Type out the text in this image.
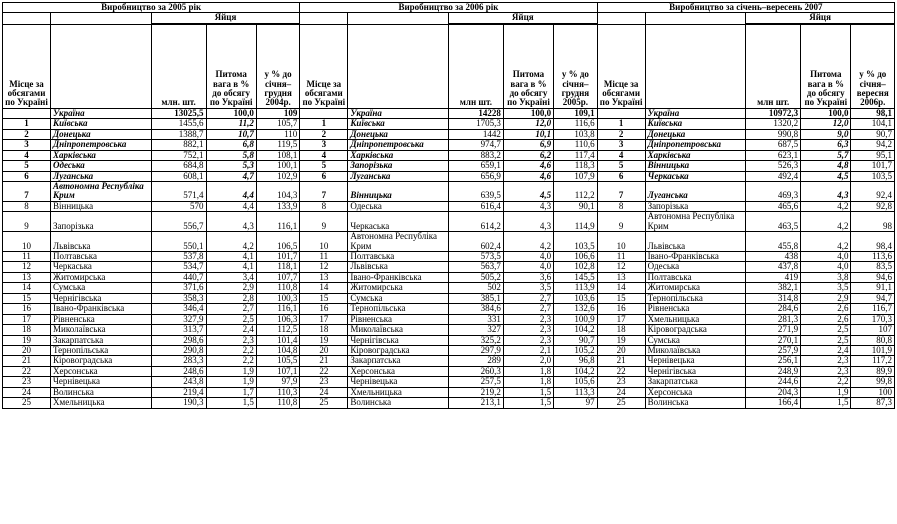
Виробництво за 2005 рік					Виробництво за 2006 рік					Виробництво за січень–вересень 2007				
		Яйця					Яйця					Яйця		

Місце за обсягами по Україні		млн. шт.	Питома вага в % до обсягу по Україні	у % до січня–грудня 2004р.	Місце за обсягами по Україні		млн шт.	Питома вага в % до обсягу по Україні	у % до січня–грудня 2005р.	Місце за обсягами по Україні		млн шт.	Питома вага в % до обсягу по Україні	у % до січня–вересня 2006р.
	Україна	13025,5	100,0	109		Україна	14228	100,0	109,1		Україна	10972,3	100,0	98,1
1	Київська	1455,6	11,2	105,7	1	Київська	1705,3	12,0	116,6	1	Київська	1320,2	12,0	104,1
2	Донецька	1388,7	10,7	110	2	Донецька	1442	10,1	103,8	2	Донецька	990,8	9,0	90,7
3	Дніпропетровська	882,1	6,8	119,5	3	Дніпропетровська	974,7	6,9	110,6	3	Дніпропетровська	687,5	6,3	94,2
4	Харківська	752,1	5,8	108,1	4	Харківська	883,2	6,2	117,4	4	Харківська	623,1	5,7	95,1
5	Одеська	684,8	5,3	100,1	5	Запорізька	659,1	4,6	118,3	5	Вінницька	526,3	4,8	101,7
6	Луганська	608,1	4,7	102,9	6	Луганська	656,9	4,6	107,9	6	Черкаська	492,4	4,5	103,5
7	Автономна Республіка Крим	571,4	4,4	104,3	7	Вінницька	639,5	4,5	112,2	7	Луганська	469,3	4,3	92,4
8	Вінницька	570	4,4	133,9	8	Одеська	616,4	4,3	90,1	8	Запорізька	465,6	4,2	92,8
9	Запорізька	556,7	4,3	116,1	9	Черкаська	614,2	4,3	114,9	9	Автономна Республіка Крим	463,5	4,2	98
10	Львівська	550,1	4,2	106,5	10	Автономна Республіка Крим	602,4	4,2	103,5	10	Львівська	455,8	4,2	98,4
11	Полтавська	537,8	4,1	101,7	11	Полтавська	573,5	4,0	106,6	11	Івано-Франківська	438	4,0	113,6
12	Черкаська	534,7	4,1	118,1	12	Львівська	563,7	4,0	102,8	12	Одеська	437,8	4,0	83,5
13	Житомирська	440,7	3,4	107,7	13	Івано-Франківська	505,2	3,6	145,5	13	Полтавська	419	3,8	94,6
14	Сумська	371,6	2,9	110,8	14	Житомирська	502	3,5	113,9	14	Житомирська	382,1	3,5	91,1
15	Чернігівська	358,3	2,8	100,3	15	Сумська	385,1	2,7	103,6	15	Тернопільська	314,8	2,9	94,7
16	Івано-Франківська	346,4	2,7	116,1	16	Тернопільська	384,6	2,7	132,6	16	Рівненська	284,6	2,6	116,7
17	Рівненська	327,9	2,5	106,3	17	Рівненська	331	2,3	100,9	17	Хмельницька	281,3	2,6	170,3
18	Миколаївська	313,7	2,4	112,5	18	Миколаївська	327	2,3	104,2	18	Кіровоградська	271,9	2,5	107
19	Закарпатська	298,6	2,3	101,4	19	Чернігівська	325,2	2,3	90,7	19	Сумська	270,1	2,5	80,8
20	Тернопільська	290,8	2,2	104,8	20	Кіровоградська	297,9	2,1	105,2	20	Миколаївська	257,9	2,4	101,9
21	Кіровоградська	283,3	2,2	105,5	21	Закарпатська	289	2,0	96,8	21	Чернівецька	256,1	2,3	117,2
22	Херсонська	248,6	1,9	107,1	22	Херсонська	260,3	1,8	104,2	22	Чернігівська	248,9	2,3	89,9
23	Чернівецька	243,8	1,9	97,9	23	Чернівецька	257,5	1,8	105,6	23	Закарпатська	244,6	2,2	99,8
24	Волинська	219,4	1,7	110,3	24	Хмельницька	219,2	1,5	113,3	24	Херсонська	204,3	1,9	100
25	Хмельницька	190,3	1,5	110,8	25	Волинська	213,1	1,5	97	25	Волинська	166,4	1,5	87,3
